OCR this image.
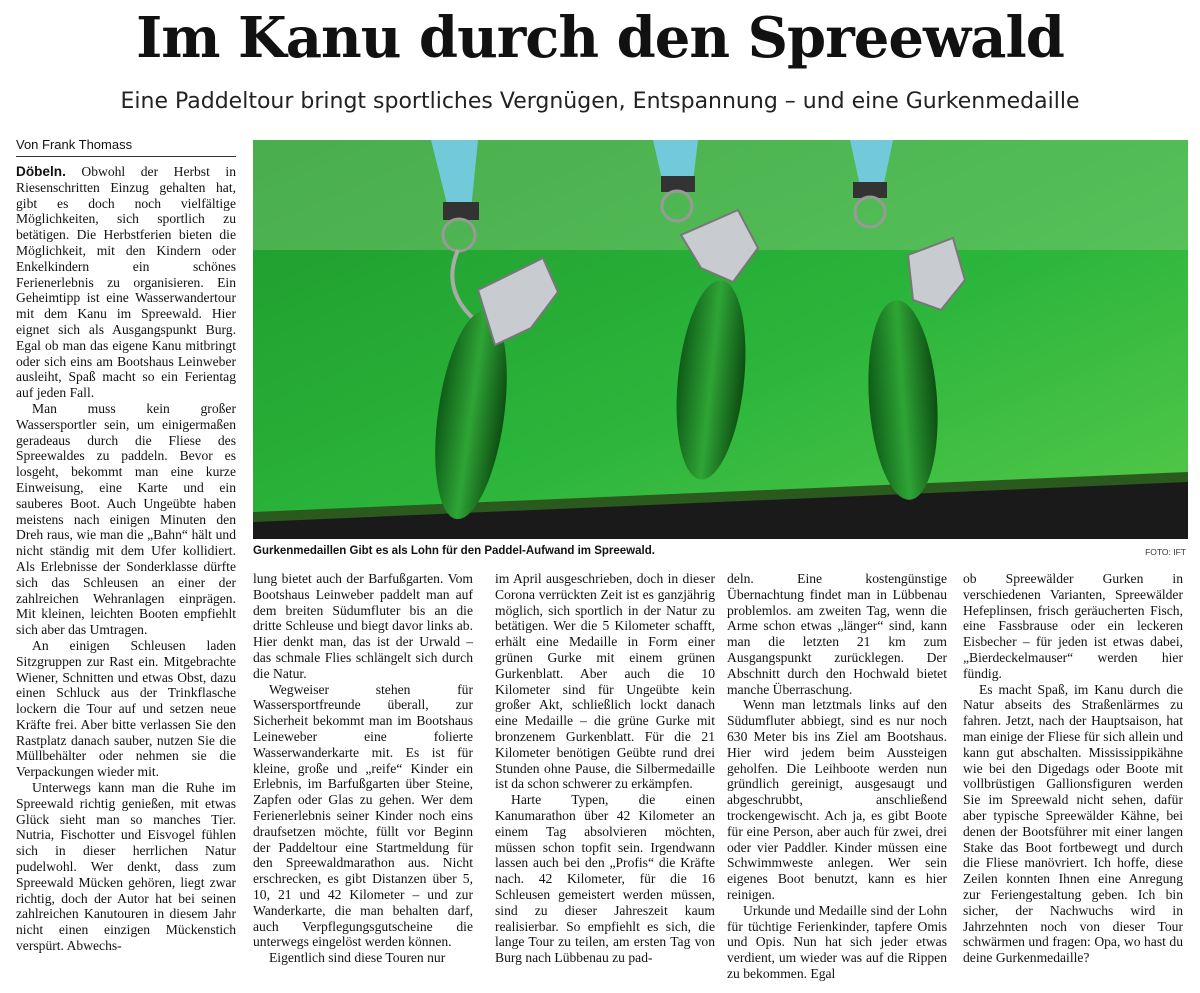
Im Kanu durch den Spreewald
Eine Paddeltour bringt sportliches Vergnügen, Entspannung – und eine Gurkenmedaille
Von Frank Thomass

Döbeln. Obwohl der Herbst in Riesenschritten Einzug gehalten hat, gibt es doch noch vielfältige Möglichkeiten, sich sportlich zu betätigen. Die Herbstferien bieten die Möglichkeit, mit den Kindern oder Enkelkindern ein schönes Ferienerlebnis zu organisieren. Ein Geheimtipp ist eine Wasserwandertour mit dem Kanu im Spreewald. Hier eignet sich als Ausgangspunkt Burg. Egal ob man das eigene Kanu mitbringt oder sich eins am Bootshaus Leinweber ausleiht, Spaß macht so ein Ferientag auf jeden Fall.

Man muss kein großer Wassersportler sein, um einigermaßen geradeaus durch die Fliese des Spreewaldes zu paddeln. Bevor es losgeht, bekommt man eine kurze Einweisung, eine Karte und ein sauberes Boot. Auch Ungeübte haben meistens nach einigen Minuten den Dreh raus, wie man die „Bahn“ hält und nicht ständig mit dem Ufer kollidiert. Als Erlebnisse der Sonderklasse dürfte sich das Schleusen an einer der zahlreichen Wehranlagen einprägen. Mit kleinen, leichten Booten empfiehlt sich aber das Umtragen.

An einigen Schleusen laden Sitzgruppen zur Rast ein. Mitgebrachte Wiener, Schnitten und etwas Obst, dazu einen Schluck aus der Trinkflasche lockern die Tour auf und setzen neue Kräfte frei. Aber bitte verlassen Sie den Rastplatz danach sauber, nutzen Sie die Müllbehälter oder nehmen sie die Verpackungen wieder mit.

Unterwegs kann man die Ruhe im Spreewald richtig genießen, mit etwas Glück sieht man so manches Tier. Nutria, Fischotter und Eisvogel fühlen sich in dieser herrlichen Natur pudelwohl. Wer denkt, dass zum Spreewald Mücken gehören, liegt zwar richtig, doch der Autor hat bei seinen zahlreichen Kanutouren in diesem Jahr nicht einen einzigen Mückenstich verspürt. Abwechs-

Gurkenmedaillen Gibt es als Lohn für den Paddel-Aufwand im Spreewald.	FOTO: IFT

lung bietet auch der Barfußgarten. Vom Bootshaus Leinweber paddelt man auf dem breiten Südumfluter bis an die dritte Schleuse und biegt davor links ab. Hier denkt man, das ist der Urwald – das schmale Flies schlängelt sich durch die Natur.

Wegweiser stehen für Wassersportfreunde überall, zur Sicherheit bekommt man im Bootshaus Leineweber eine folierte Wasserwanderkarte mit. Es ist für kleine, große und „reife“ Kinder ein Erlebnis, im Barfußgarten über Steine, Zapfen oder Glas zu gehen. Wer dem Ferienerlebnis seiner Kinder noch eins draufsetzen möchte, füllt vor Beginn der Paddeltour eine Startmeldung für den Spreewaldmarathon aus. Nicht erschrecken, es gibt Distanzen über 5, 10, 21 und 42 Kilometer – und zur Wanderkarte, die man behalten darf, auch Verpflegungsgutscheine die unterwegs eingelöst werden können.

Eigentlich sind diese Touren nur

im April ausgeschrieben, doch in dieser Corona verrückten Zeit ist es ganzjährig möglich, sich sportlich in der Natur zu betätigen. Wer die 5 Kilometer schafft, erhält eine Medaille in Form einer grünen Gurke mit einem grünen Gurkenblatt. Aber auch die 10 Kilometer sind für Ungeübte kein großer Akt, schließlich lockt danach eine Medaille – die grüne Gurke mit bronzenem Gurkenblatt. Für die 21 Kilometer benötigen Geübte rund drei Stunden ohne Pause, die Silbermedaille ist da schon schwerer zu erkämpfen.

Harte Typen, die einen Kanumarathon über 42 Kilometer an einem Tag absolvieren möchten, müssen schon topfit sein. Irgendwann lassen auch bei den „Profis“ die Kräfte nach. 42 Kilometer, für die 16 Schleusen gemeistert werden müssen, sind zu dieser Jahreszeit kaum realisierbar. So empfiehlt es sich, die lange Tour zu teilen, am ersten Tag von Burg nach Lübbenau zu pad-

deln. Eine kostengünstige Übernachtung findet man in Lübbenau problemlos. am zweiten Tag, wenn die Arme schon etwas „länger“ sind, kann man die letzten 21 km zum Ausgangspunkt zurücklegen. Der Abschnitt durch den Hochwald bietet manche Überraschung.

Wenn man letztmals links auf den Südumfluter abbiegt, sind es nur noch 630 Meter bis ins Ziel am Bootshaus. Hier wird jedem beim Aussteigen geholfen. Die Leihboote werden nun gründlich gereinigt, ausgesaugt und abgeschrubbt, anschließend trockengewischt. Ach ja, es gibt Boote für eine Person, aber auch für zwei, drei oder vier Paddler. Kinder müssen eine Schwimmweste anlegen. Wer sein eigenes Boot benutzt, kann es hier reinigen.

Urkunde und Medaille sind der Lohn für tüchtige Ferienkinder, tapfere Omis und Opis. Nun hat sich jeder etwas verdient, um wieder was auf die Rippen zu bekommen. Egal

ob Spreewälder Gurken in verschiedenen Varianten, Spreewälder Hefeplinsen, frisch geräucherten Fisch, eine Fassbrause oder ein leckeren Eisbecher – für jeden ist etwas dabei, „Bierdeckelmauser“ werden hier fündig.

Es macht Spaß, im Kanu durch die Natur abseits des Straßenlärmes zu fahren. Jetzt, nach der Hauptsaison, hat man einige der Fliese für sich allein und kann gut abschalten. Mississippikähne wie bei den Digedags oder Boote mit vollbrüstigen Gallionsfiguren werden Sie im Spreewald nicht sehen, dafür aber typische Spreewälder Kähne, bei denen der Bootsführer mit einer langen Stake das Boot fortbewegt und durch die Fliese manövriert. Ich hoffe, diese Zeilen konnten Ihnen eine Anregung zur Feriengestaltung geben. Ich bin sicher, der Nachwuchs wird in Jahrzehnten noch von dieser Tour schwärmen und fragen: Opa, wo hast du deine Gurkenmedaille?
